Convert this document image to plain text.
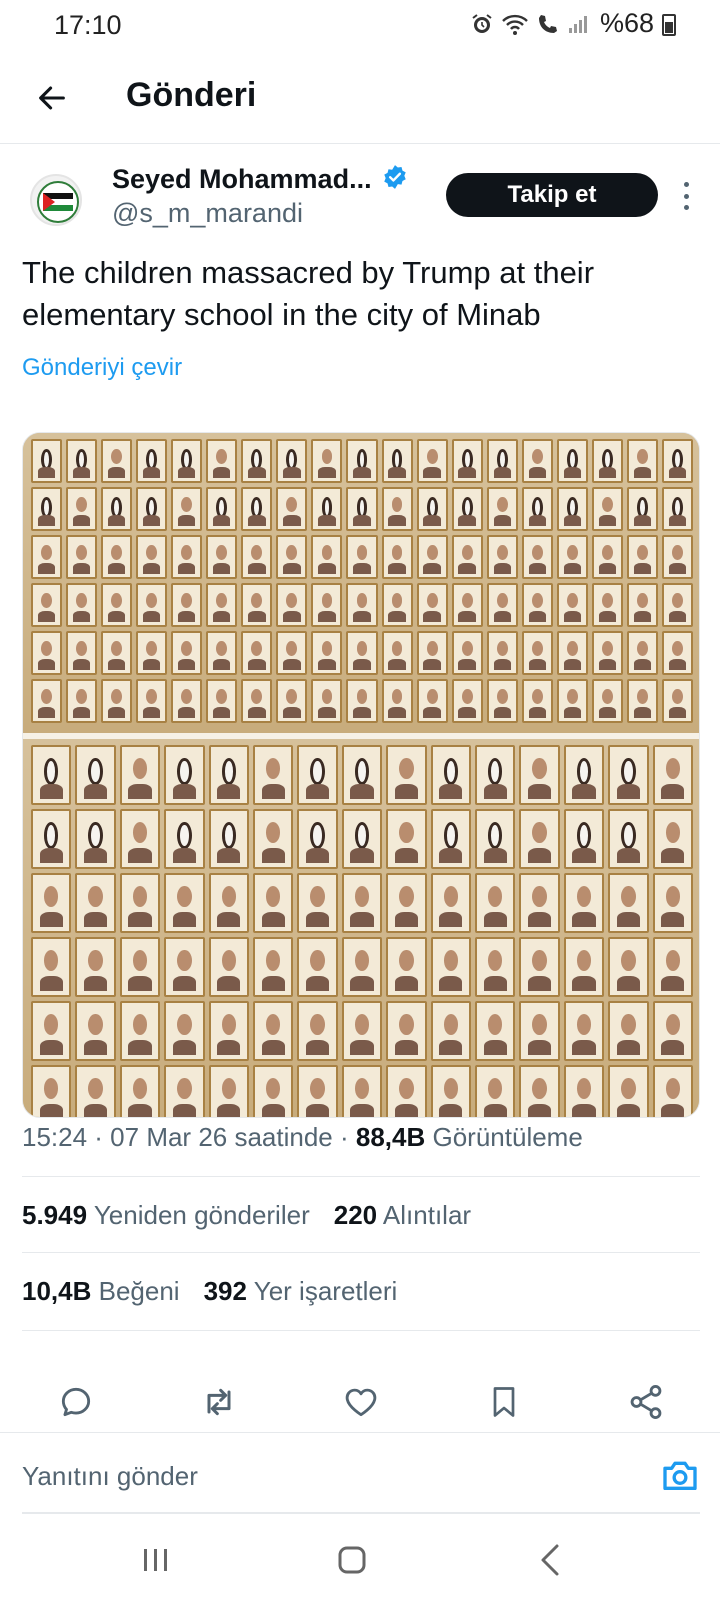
17:10	%68
Gönderi
Seyed Mohammad...
@s_m_marandi
Takip et
The children massacred by Trump at their elementary school in the city of Minab
Gönderiyi çevir
15:24 · 07 Mar 26 saatinde · 88,4B Görüntüleme
5.949 Yeniden gönderiler 220 Alıntılar
10,4B Beğeni 392 Yer işaretleri
Yanıtını gönder
